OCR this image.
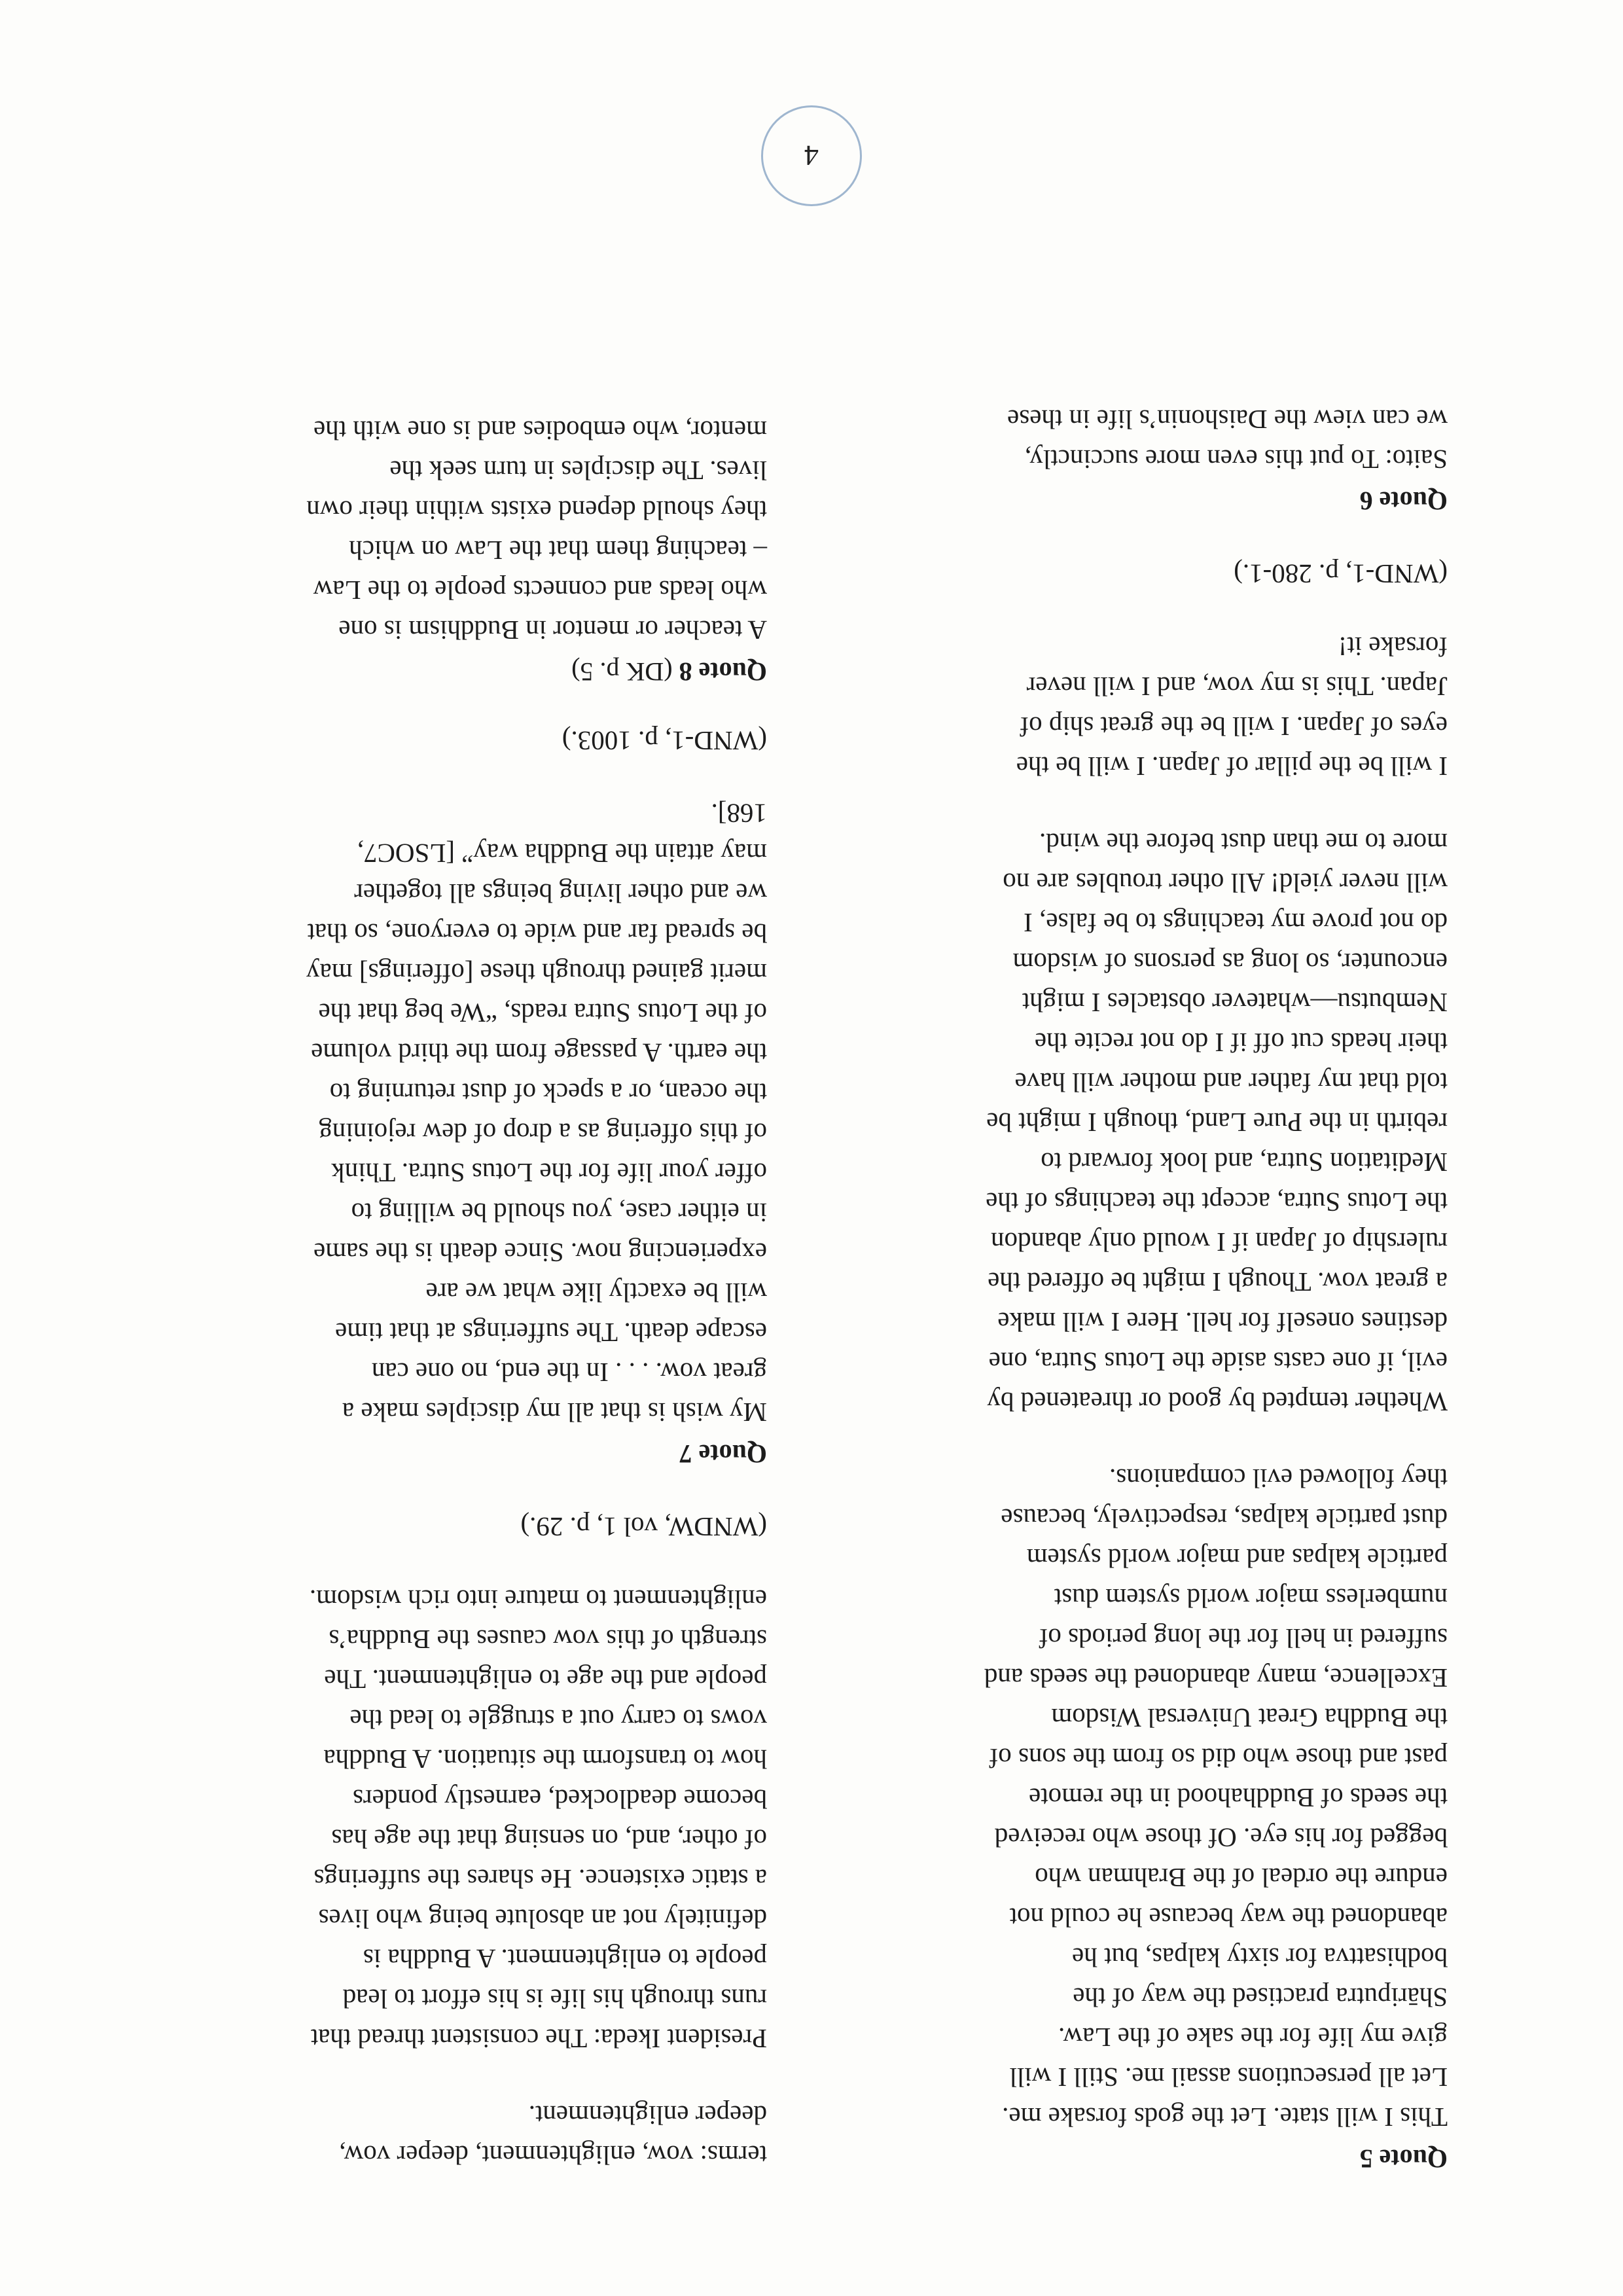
Quote 5

This I will state. Let the gods forsake me.
Let all persecutions assail me. Still I will
give my life for the sake of the Law.
Shāriputra practised the way of the
bodhisattva for sixty kalpas, but he
abandoned the way because he could not
endure the ordeal of the Brahman who
begged for his eye. Of those who received
the seeds of Buddhahood in the remote
past and those who did so from the sons of
the Buddha Great Universal Wisdom
Excellence, many abandoned the seeds and
suffered in hell for the long periods of
numberless major world system dust
particle kalpas and major world system
dust particle kalpas, respectively, because
they followed evil companions.

Whether tempted by good or threatened by
evil, if one casts aside the Lotus Sutra, one
destines oneself for hell. Here I will make
a great vow. Though I might be offered the
rulership of Japan if I would only abandon
the Lotus Sutra, accept the teachings of the
Meditation Sutra, and look forward to
rebirth in the Pure Land, though I might be
told that my father and mother will have
their heads cut off if I do not recite the
Nembutsu—whatever obstacles I might
encounter, so long as persons of wisdom
do not prove my teachings to be false, I
will never yield! All other troubles are no
more to me than dust before the wind.

I will be the pillar of Japan. I will be the
eyes of Japan. I will be the great ship of
Japan. This is my vow, and I will never
forsake it!

(WND-1, p. 280-1.)

Quote 6

Saito: To put this even more succinctly,
we can view the Daishonin’s life in these

terms: vow, enlightenment, deeper vow,
deeper enlightenment.

President Ikeda: The consistent thread that
runs through his life is his effort to lead
people to enlightenment. A Buddha is
definitely not an absolute being who lives
a static existence. He shares the sufferings
of other, and, on sensing that the age has
become deadlocked, earnestly ponders
how to transform the situation. A Buddha
vows to carry out a struggle to lead the
people and the age to enlightenment. The
strength of this vow causes the Buddha’s
enlightenment to mature into rich wisdom.

(WNDW, vol 1, p. 29.)

Quote 7

My wish is that all my disciples make a
great vow. . . . In the end, no one can
escape death. The sufferings at that time
will be exactly like what we are
experiencing now. Since death is the same
in either case, you should be willing to
offer your life for the Lotus Sutra. Think
of this offering as a drop of dew rejoining
the ocean, or a speck of dust returning to
the earth. A passage from the third volume
of the Lotus Sutra reads, “We beg that the
merit gained through these [offerings] may
be spread far and wide to everyone, so that
we and other living beings all together
may attain the Buddha way” [LSOC7,
168].

(WND-1, p. 1003.)

Quote 8 (DK p. 5)

A teacher or mentor in Buddhism is one
who leads and connects people to the Law
– teaching them that the Law on which
they should depend exists within their own
lives. The disciples in turn seek the
mentor, who embodies and is one with the

4
